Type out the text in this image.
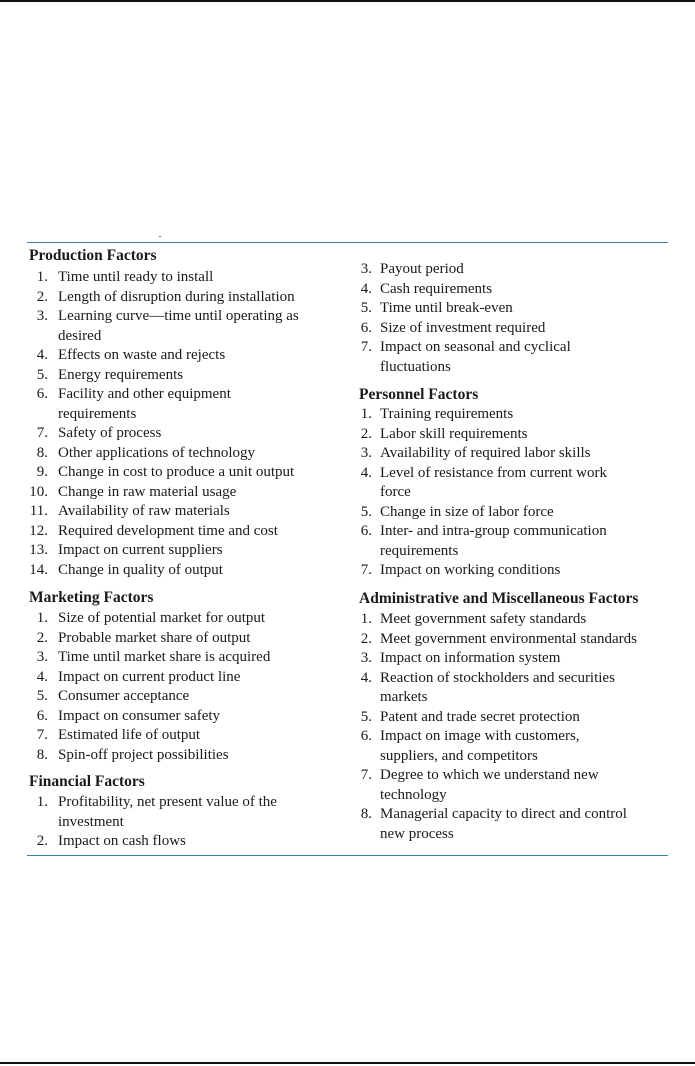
Production Factors
1. Time until ready to install
2. Length of disruption during installation
3. Learning curve—time until operating as
desired
4. Effects on waste and rejects
5. Energy requirements
6. Facility and other equipment
requirements
7. Safety of process
8. Other applications of technology
9. Change in cost to produce a unit output
10. Change in raw material usage
11. Availability of raw materials
12. Required development time and cost
13. Impact on current suppliers
14. Change in quality of output
Marketing Factors
1. Size of potential market for output
2. Probable market share of output
3. Time until market share is acquired
4. Impact on current product line
5. Consumer acceptance
6. Impact on consumer safety
7. Estimated life of output
8. Spin-off project possibilities
Financial Factors
1. Profitability, net present value of the
investment
2. Impact on cash flows
3. Payout period
4. Cash requirements
5. Time until break-even
6. Size of investment required
7. Impact on seasonal and cyclical
fluctuations
Personnel Factors
1. Training requirements
2. Labor skill requirements
3. Availability of required labor skills
4. Level of resistance from current work
force
5. Change in size of labor force
6. Inter- and intra-group communication
requirements
7. Impact on working conditions
Administrative and Miscellaneous Factors
1. Meet government safety standards
2. Meet government environmental standards
3. Impact on information system
4. Reaction of stockholders and securities
markets
5. Patent and trade secret protection
6. Impact on image with customers,
suppliers, and competitors
7. Degree to which we understand new
technology
8. Managerial capacity to direct and control
new process
